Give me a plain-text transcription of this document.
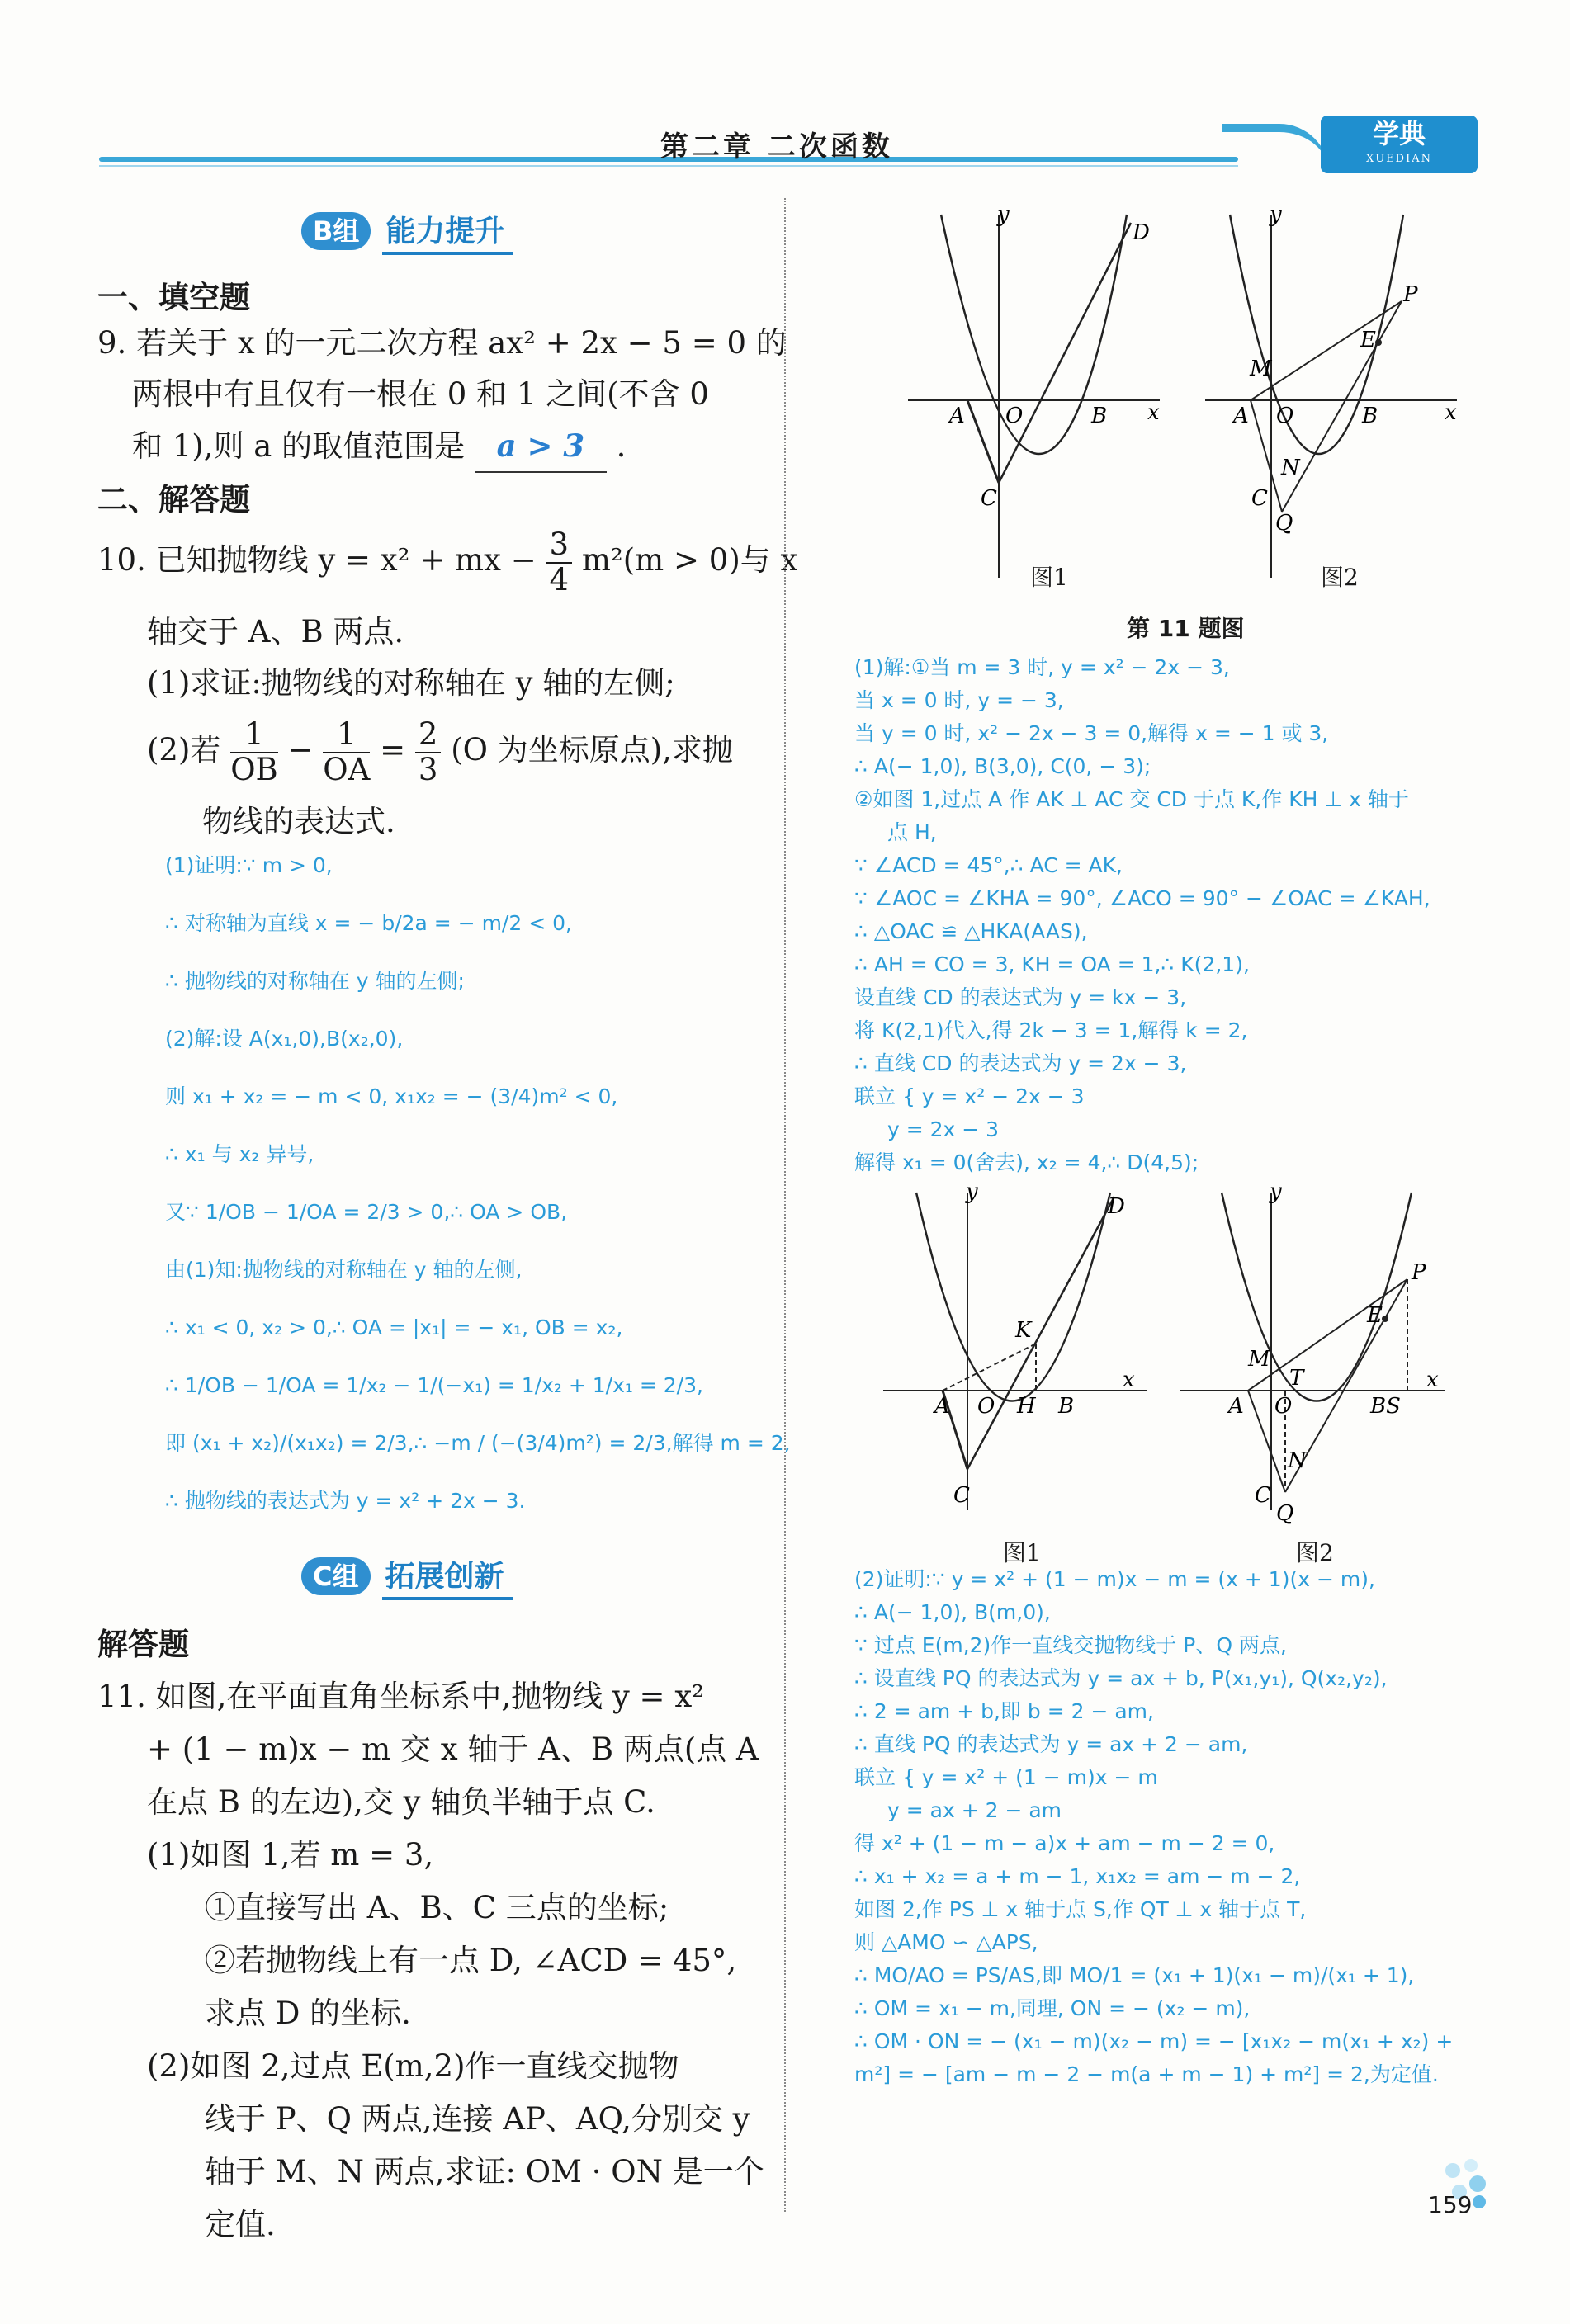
第二章 二次函数	学典
XUEDIAN
B组 能力提升
一、填空题
9. 若关于 x 的一元二次方程 ax² + 2x − 5 = 0 的
两根中有且仅有一根在 0 和 1 之间(不含 0
和 1),则 a 的取值范围是 a > 3 .
二、解答题
10. 已知抛物线 y = x² + mx − $\frac{3}{4} m^2(m > 0)$与 x
轴交于 A、B 两点.
(1)求证:抛物线的对称轴在 y 轴的左侧;
(2)若 $\frac{1}{OB} - \frac{1}{OA} = \frac{2}{3} (O$ 为坐标原点),求抛
物线的表达式.
(1)证明:∵ m > 0,
∴ 对称轴为直线 x = − b/2a = − m/2 < 0,
∴ 抛物线的对称轴在 y 轴的左侧;
(2)解:设 A(x₁,0),B(x₂,0),
则 x₁ + x₂ = − m < 0, x₁x₂ = − (3/4)m² < 0,
∴ x₁ 与 x₂ 异号,
又∵ 1/OB − 1/OA = 2/3 > 0,∴ OA > OB,
由(1)知:抛物线的对称轴在 y 轴的左侧,
∴ x₁ < 0, x₂ > 0,∴ OA = |x₁| = − x₁, OB = x₂,
∴ 1/OB − 1/OA = 1/x₂ − 1/(−x₁) = 1/x₂ + 1/x₁ = 2/3,
即 (x₁ + x₂)/(x₁x₂) = 2/3,∴ −m / (−(3/4)m²) = 2/3,解得 m = 2,
∴ 抛物线的表达式为 y = x² + 2x − 3.
C组 拓展创新
解答题
11. 如图,在平面直角坐标系中,抛物线 y = x²
+ (1 − m)x − m 交 x 轴于 A、B 两点(点 A
在点 B 的左边),交 y 轴负半轴于点 C.
(1)如图 1,若 m = 3,
①直接写出 A、B、C 三点的坐标;
②若抛物线上有一点 D, ∠ACD = 45°,
求点 D 的坐标.
(2)如图 2,过点 E(m,2)作一直线交抛物
线于 P、Q 两点,连接 AP、AQ,分别交 y
轴于 M、N 两点,求证: OM · ON 是一个
定值.
y
x
A O	B
C
D
y
x
A O	B
P
E
M
N
C
Q
图1	图2
第 11 题图
(1)解:①当 m = 3 时, y = x² − 2x − 3,
当 x = 0 时, y = − 3,
当 y = 0 时, x² − 2x − 3 = 0,解得 x = − 1 或 3,
∴ A(− 1,0), B(3,0), C(0, − 3);
②如图 1,过点 A 作 AK ⊥ AC 交 CD 于点 K,作 KH ⊥ x 轴于
点 H,
∵ ∠ACD = 45°,∴ AC = AK,
∵ ∠AOC = ∠KHA = 90°, ∠ACO = 90° − ∠OAC = ∠KAH,
∴ △OAC ≌ △HKA(AAS),
∴ AH = CO = 3, KH = OA = 1,∴ K(2,1),
设直线 CD 的表达式为 y = kx − 3,
将 K(2,1)代入,得 2k − 3 = 1,解得 k = 2,
∴ 直线 CD 的表达式为 y = 2x − 3,
联立 { y = x² − 2x − 3
y = 2x − 3
解得 x₁ = 0(舍去), x₂ = 4,∴ D(4,5);
y
x
A O H B
K
C
D
y
x
A O
T
BS
P
E
M
N
C
Q
图1	图2
(2)证明:∵ y = x² + (1 − m)x − m = (x + 1)(x − m),
∴ A(− 1,0), B(m,0),
∵ 过点 E(m,2)作一直线交抛物线于 P、Q 两点,
∴ 设直线 PQ 的表达式为 y = ax + b, P(x₁,y₁), Q(x₂,y₂),
∴ 2 = am + b,即 b = 2 − am,
∴ 直线 PQ 的表达式为 y = ax + 2 − am,
联立 { y = x² + (1 − m)x − m
y = ax + 2 − am
得 x² + (1 − m − a)x + am − m − 2 = 0,
∴ x₁ + x₂ = a + m − 1, x₁x₂ = am − m − 2,
如图 2,作 PS ⊥ x 轴于点 S,作 QT ⊥ x 轴于点 T,
则 △AMO ∽ △APS,
∴ MO/AO = PS/AS,即 MO/1 = (x₁ + 1)(x₁ − m)/(x₁ + 1),
∴ OM = x₁ − m,同理, ON = − (x₂ − m),
∴ OM · ON = − (x₁ − m)(x₂ − m) = − [x₁x₂ − m(x₁ + x₂) +
m²] = − [am − m − 2 − m(a + m − 1) + m²] = 2,为定值.
159
